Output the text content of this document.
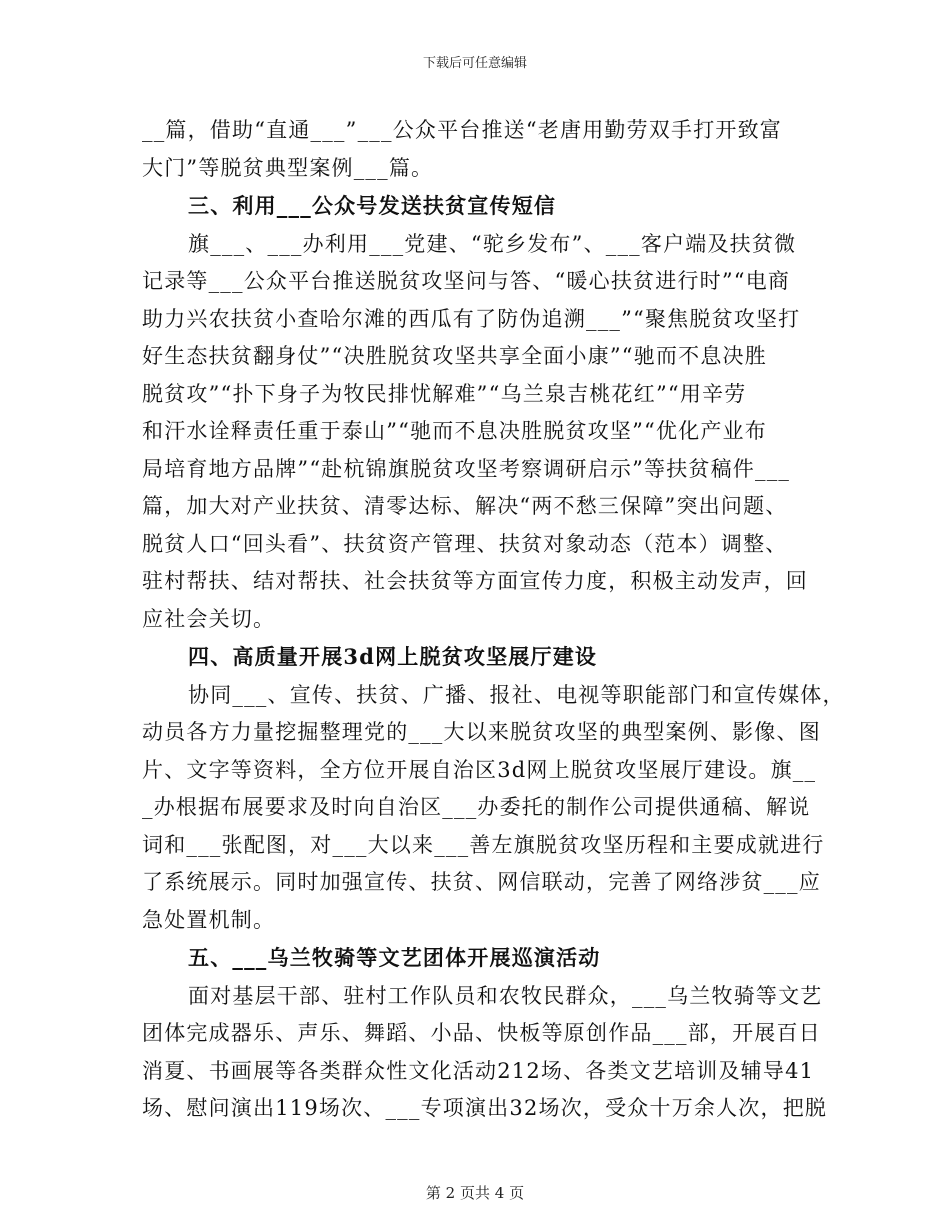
下载后可任意编辑
__篇，借助“直通___”___公众平台推送“老唐用勤劳双手打开致富
大门”等脱贫典型案例___篇。
三、利用___公众号发送扶贫宣传短信
旗___、___办利用___党建、“驼乡发布”、___客户端及扶贫微
记录等___公众平台推送脱贫攻坚问与答、“暖心扶贫进行时”“电商
助力兴农扶贫小查哈尔滩的西瓜有了防伪追溯___”“聚焦脱贫攻坚打
好生态扶贫翻身仗”“决胜脱贫攻坚共享全面小康”“驰而不息决胜
脱贫攻”“扑下身子为牧民排忧解难”“乌兰泉吉桃花红”“用辛劳
和汗水诠释责任重于泰山”“驰而不息决胜脱贫攻坚”“优化产业布
局培育地方品牌”“赴杭锦旗脱贫攻坚考察调研启示”等扶贫稿件___
篇，加大对产业扶贫、清零达标、解决“两不愁三保障”突出问题、
脱贫人口“回头看”、扶贫资产管理、扶贫对象动态（范本）调整、
驻村帮扶、结对帮扶、社会扶贫等方面宣传力度，积极主动发声，回
应社会关切。
四、高质量开展3d网上脱贫攻坚展厅建设
协同___、宣传、扶贫、广播、报社、电视等职能部门和宣传媒体，
动员各方力量挖掘整理党的___大以来脱贫攻坚的典型案例、影像、图
片、文字等资料，全方位开展自治区3d网上脱贫攻坚展厅建设。旗__
_办根据布展要求及时向自治区___办委托的制作公司提供通稿、解说
词和___张配图，对___大以来___善左旗脱贫攻坚历程和主要成就进行
了系统展示。同时加强宣传、扶贫、网信联动，完善了网络涉贫___应
急处置机制。
五、___乌兰牧骑等文艺团体开展巡演活动
面对基层干部、驻村工作队员和农牧民群众，___乌兰牧骑等文艺
团体完成器乐、声乐、舞蹈、小品、快板等原创作品___部，开展百日
消夏、书画展等各类群众性文化活动212场、各类文艺培训及辅导41
场、慰问演出119场次、___专项演出32场次，受众十万余人次，把脱
第 2 页共 4 页
